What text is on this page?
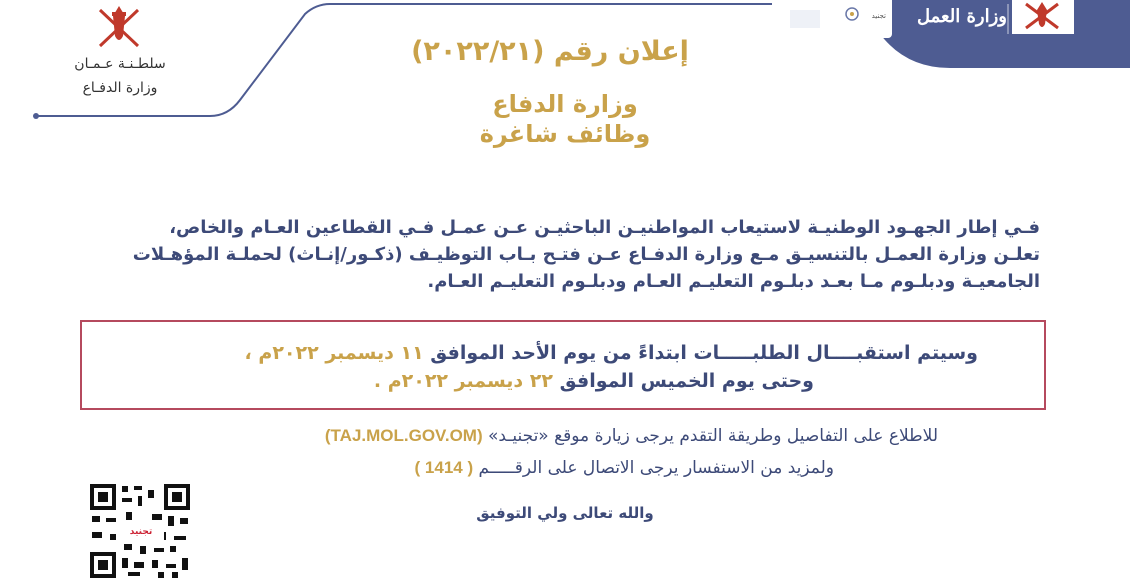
سلطـنـة عـمـان
وزارة الدفـاع
تجنيد وزارة العمل
إعلان رقم (٢٠٢٢/٢١)
وزارة الدفاع
وظائف شاغرة
فـي إطار الجهـود الوطنيـة لاستيعاب المواطنيـن الباحثيـن عـن عمـل فـي القطاعين العـام والخاص،
تعلـن وزارة العمـل بالتنسيـق مـع وزارة الدفـاع عـن فتـح بـاب التوظيـف (ذكـور/إنـاث) لحملـة المؤهـلات
الجامعيـة ودبلـوم مـا بعـد دبلـوم التعليـم العـام ودبلـوم التعليـم العـام.
وسيتم استقبــــال الطلبـــــات ابتداءً من يوم الأحد الموافق ١١ ديسمبر ٢٠٢٢م ،
وحتى يوم الخميس الموافق ٢٢ ديسمبر ٢٠٢٢م .
للاطلاع على التفاصيل وطريقة التقدم يرجى زيارة موقع «تجنيـد» (TAJ.MOL.GOV.OM)
ولمزيد من الاستفسار يرجى الاتصال على الرقـــــم ( 1414 )
والله تعالى ولي التوفيق
تجنيد
